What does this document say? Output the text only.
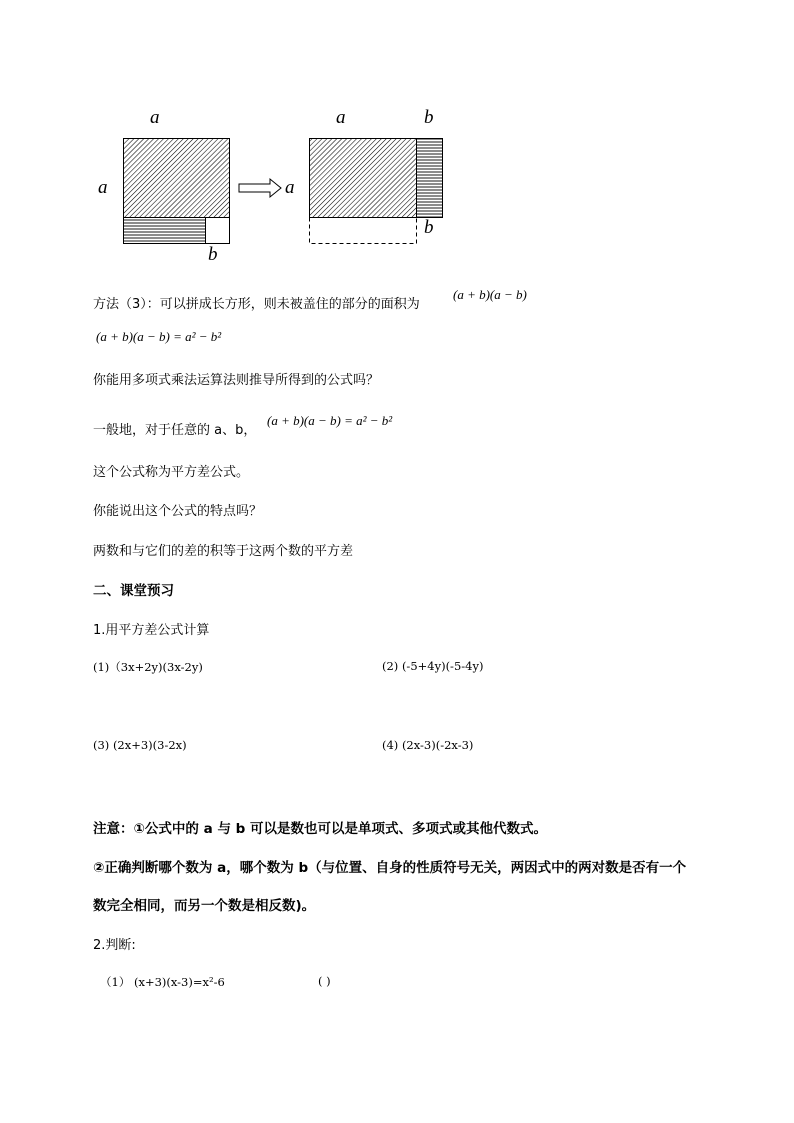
a
a
b
a
a	b
b
方法（3）：可以拼成长方形，则未被盖住的部分的面积为
(a + b)(a − b)
(a + b)(a − b) = a² − b²
你能用多项式乘法运算法则推导所得到的公式吗？
一般地，对于任意的 a、b，
(a + b)(a − b) = a² − b²
这个公式称为平方差公式。
你能说出这个公式的特点吗？
两数和与它们的差的积等于这两个数的平方差
二、课堂预习
1.用平方差公式计算
(1)（3x+2y)(3x-2y)	(2) (-5+4y)(-5-4y)
(3) (2x+3)(3-2x)	(4) (2x-3)(-2x-3)
注意：①公式中的 a 与 b 可以是数也可以是单项式、多项式或其他代数式。
②正确判断哪个数为 a，哪个数为 b（与位置、自身的性质符号无关，两因式中的两对数是否有一个
数完全相同，而另一个数是相反数)。
2.判断:
（1） (x+3)(x-3)=x²-6	( )
